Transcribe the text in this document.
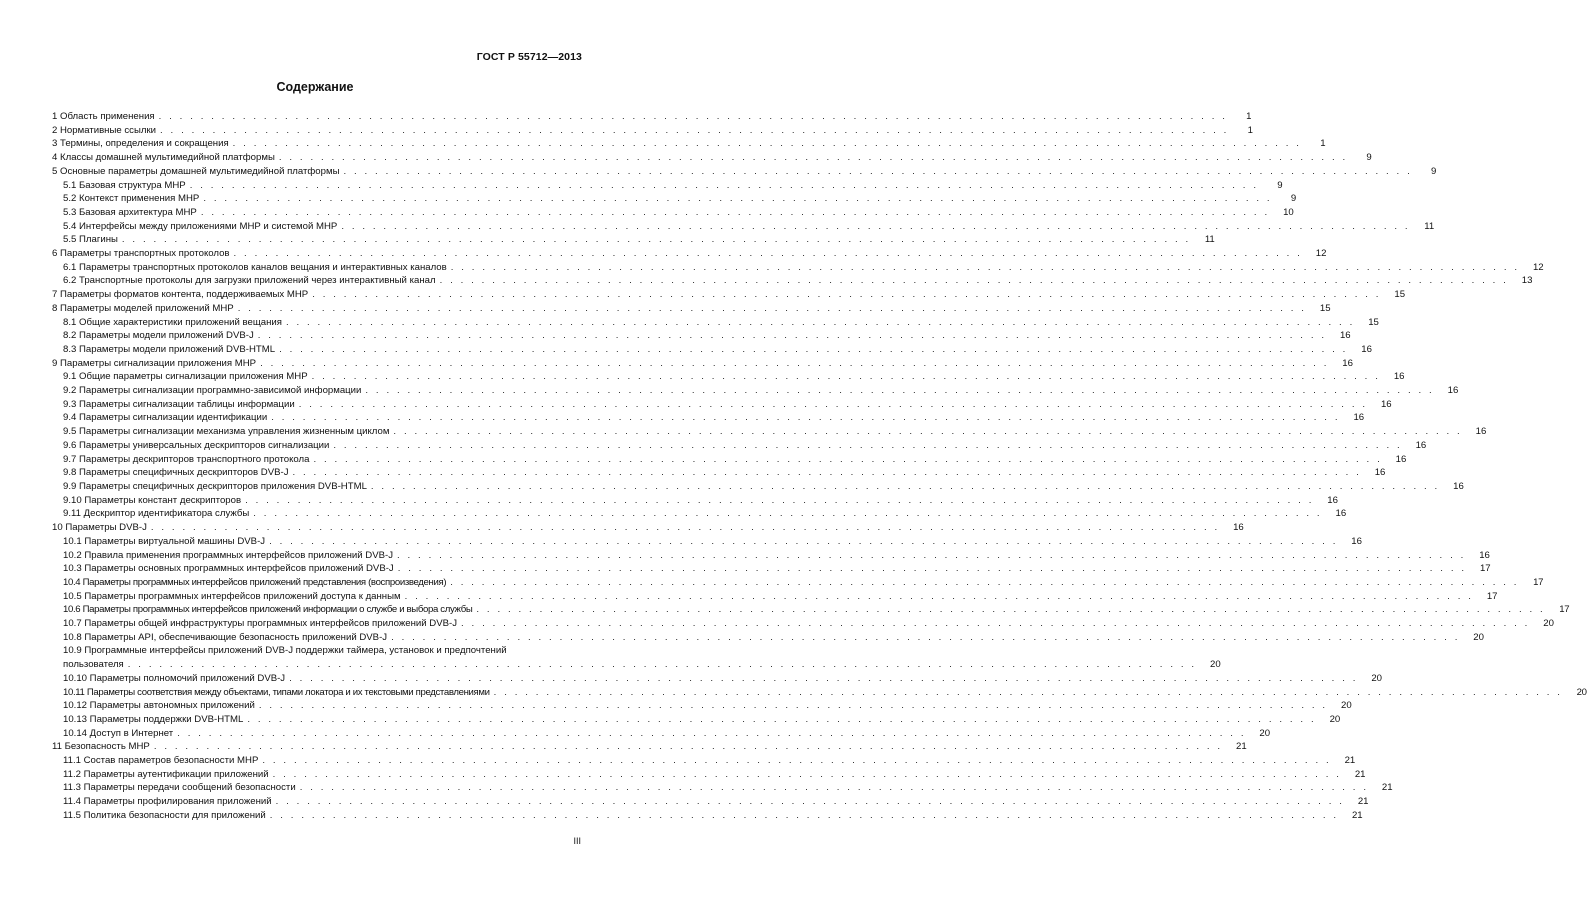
ГОСТ Р 55712—2013
Содержание
1 Область применения . . . . . . . . . . . . . . . . . . . . . . . . . . . . . . . . . . . . . . . . . . . . . . . . . . . . . . . . . . . . . . . . . . . . . . . . . . . . . . . . . . . . . . . . . . . . . . . . . . . . . .	1
2 Нормативные ссылки . . . . . . . . . . . . . . . . . . . . . . . . . . . . . . . . . . . . . . . . . . . . . . . . . . . . . . . . . . . . . . . . . . . . . . . . . . . . . . . . . . . . . . . . . . . . . . . . . . . . . .	1
3 Термины, определения и сокращения . . . . . . . . . . . . . . . . . . . . . . . . . . . . . . . . . . . . . . . . . . . . . . . . . . . . . . . . . . . . . . . . . . . . . . . . . . . . . . . . . . . . . . . . . . . . . . . . . . . . . .	1
4 Классы домашней мультимедийной платформы . . . . . . . . . . . . . . . . . . . . . . . . . . . . . . . . . . . . . . . . . . . . . . . . . . . . . . . . . . . . . . . . . . . . . . . . . . . . . . . . . . . . . . . . . . . . . . . . . . . . . .	9
5 Основные параметры домашней мультимедийной платформы . . . . . . . . . . . . . . . . . . . . . . . . . . . . . . . . . . . . . . . . . . . . . . . . . . . . . . . . . . . . . . . . . . . . . . . . . . . . . . . . . . . . . . . . . . . . . . . . . . . . . .	9
5.1 Базовая структура МНР . . . . . . . . . . . . . . . . . . . . . . . . . . . . . . . . . . . . . . . . . . . . . . . . . . . . . . . . . . . . . . . . . . . . . . . . . . . . . . . . . . . . . . . . . . . . . . . . . . . . . .	9
5.2 Контекст применения МНР . . . . . . . . . . . . . . . . . . . . . . . . . . . . . . . . . . . . . . . . . . . . . . . . . . . . . . . . . . . . . . . . . . . . . . . . . . . . . . . . . . . . . . . . . . . . . . . . . . . . . .	9
5.3 Базовая архитектура МНР . . . . . . . . . . . . . . . . . . . . . . . . . . . . . . . . . . . . . . . . . . . . . . . . . . . . . . . . . . . . . . . . . . . . . . . . . . . . . . . . . . . . . . . . . . . . . . . . . . . . . .	10
5.4 Интерфейсы между приложениями МНР и системой МНР . . . . . . . . . . . . . . . . . . . . . . . . . . . . . . . . . . . . . . . . . . . . . . . . . . . . . . . . . . . . . . . . . . . . . . . . . . . . . . . . . . . . . . . . . . . . . . . . . . . . . .	11
5.5 Плагины . . . . . . . . . . . . . . . . . . . . . . . . . . . . . . . . . . . . . . . . . . . . . . . . . . . . . . . . . . . . . . . . . . . . . . . . . . . . . . . . . . . . . . . . . . . . . . . . . . . . . .	11
6 Параметры транспортных протоколов . . . . . . . . . . . . . . . . . . . . . . . . . . . . . . . . . . . . . . . . . . . . . . . . . . . . . . . . . . . . . . . . . . . . . . . . . . . . . . . . . . . . . . . . . . . . . . . . . . . . . .	12
6.1 Параметры транспортных протоколов каналов вещания и интерактивных каналов . . . . . . . . . . . . . . . . . . . . . . . . . . . . . . . . . . . . . . . . . . . . . . . . . . . . . . . . . . . . . . . . . . . . . . . . . . . . . . . . . . . . . . . . . . . . . . . . . . . . . .	12
6.2 Транспортные протоколы для загрузки приложений через интерактивный канал . . . . . . . . . . . . . . . . . . . . . . . . . . . . . . . . . . . . . . . . . . . . . . . . . . . . . . . . . . . . . . . . . . . . . . . . . . . . . . . . . . . . . . . . . . . . . . . . . . . . . .	13
7 Параметры форматов контента, поддерживаемых МНР . . . . . . . . . . . . . . . . . . . . . . . . . . . . . . . . . . . . . . . . . . . . . . . . . . . . . . . . . . . . . . . . . . . . . . . . . . . . . . . . . . . . . . . . . . . . . . . . . . . . . .	15
8 Параметры моделей приложений МНР . . . . . . . . . . . . . . . . . . . . . . . . . . . . . . . . . . . . . . . . . . . . . . . . . . . . . . . . . . . . . . . . . . . . . . . . . . . . . . . . . . . . . . . . . . . . . . . . . . . . . .	15
8.1 Общие характеристики приложений вещания . . . . . . . . . . . . . . . . . . . . . . . . . . . . . . . . . . . . . . . . . . . . . . . . . . . . . . . . . . . . . . . . . . . . . . . . . . . . . . . . . . . . . . . . . . . . . . . . . . . . . .	15
8.2 Параметры модели приложений DVB-J . . . . . . . . . . . . . . . . . . . . . . . . . . . . . . . . . . . . . . . . . . . . . . . . . . . . . . . . . . . . . . . . . . . . . . . . . . . . . . . . . . . . . . . . . . . . . . . . . . . . . .	16
8.3 Параметры модели приложений DVB-HTML . . . . . . . . . . . . . . . . . . . . . . . . . . . . . . . . . . . . . . . . . . . . . . . . . . . . . . . . . . . . . . . . . . . . . . . . . . . . . . . . . . . . . . . . . . . . . . . . . . . . . .	16
9 Параметры сигнализации приложения МНР . . . . . . . . . . . . . . . . . . . . . . . . . . . . . . . . . . . . . . . . . . . . . . . . . . . . . . . . . . . . . . . . . . . . . . . . . . . . . . . . . . . . . . . . . . . . . . . . . . . . . .	16
9.1 Общие параметры сигнализации приложения МНР . . . . . . . . . . . . . . . . . . . . . . . . . . . . . . . . . . . . . . . . . . . . . . . . . . . . . . . . . . . . . . . . . . . . . . . . . . . . . . . . . . . . . . . . . . . . . . . . . . . . . .	16
9.2 Параметры сигнализации программно-зависимой информации . . . . . . . . . . . . . . . . . . . . . . . . . . . . . . . . . . . . . . . . . . . . . . . . . . . . . . . . . . . . . . . . . . . . . . . . . . . . . . . . . . . . . . . . . . . . . . . . . . . . . .	16
9.3 Параметры сигнализации таблицы информации . . . . . . . . . . . . . . . . . . . . . . . . . . . . . . . . . . . . . . . . . . . . . . . . . . . . . . . . . . . . . . . . . . . . . . . . . . . . . . . . . . . . . . . . . . . . . . . . . . . . . .	16
9.4 Параметры сигнализации идентификации . . . . . . . . . . . . . . . . . . . . . . . . . . . . . . . . . . . . . . . . . . . . . . . . . . . . . . . . . . . . . . . . . . . . . . . . . . . . . . . . . . . . . . . . . . . . . . . . . . . . . .	16
9.5 Параметры сигнализации механизма управления жизненным циклом . . . . . . . . . . . . . . . . . . . . . . . . . . . . . . . . . . . . . . . . . . . . . . . . . . . . . . . . . . . . . . . . . . . . . . . . . . . . . . . . . . . . . . . . . . . . . . . . . . . . . .	16
9.6 Параметры универсальных дескрипторов сигнализации . . . . . . . . . . . . . . . . . . . . . . . . . . . . . . . . . . . . . . . . . . . . . . . . . . . . . . . . . . . . . . . . . . . . . . . . . . . . . . . . . . . . . . . . . . . . . . . . . . . . . .	16
9.7 Параметры дескрипторов транспортного протокола . . . . . . . . . . . . . . . . . . . . . . . . . . . . . . . . . . . . . . . . . . . . . . . . . . . . . . . . . . . . . . . . . . . . . . . . . . . . . . . . . . . . . . . . . . . . . . . . . . . . . .	16
9.8 Параметры специфичных дескрипторов DVB-J . . . . . . . . . . . . . . . . . . . . . . . . . . . . . . . . . . . . . . . . . . . . . . . . . . . . . . . . . . . . . . . . . . . . . . . . . . . . . . . . . . . . . . . . . . . . . . . . . . . . . .	16
9.9 Параметры специфичных дескрипторов приложения DVB-HTML . . . . . . . . . . . . . . . . . . . . . . . . . . . . . . . . . . . . . . . . . . . . . . . . . . . . . . . . . . . . . . . . . . . . . . . . . . . . . . . . . . . . . . . . . . . . . . . . . . . . . .	16
9.10 Параметры констант дескрипторов . . . . . . . . . . . . . . . . . . . . . . . . . . . . . . . . . . . . . . . . . . . . . . . . . . . . . . . . . . . . . . . . . . . . . . . . . . . . . . . . . . . . . . . . . . . . . . . . . . . . . .	16
9.11 Дескриптор идентификатора службы . . . . . . . . . . . . . . . . . . . . . . . . . . . . . . . . . . . . . . . . . . . . . . . . . . . . . . . . . . . . . . . . . . . . . . . . . . . . . . . . . . . . . . . . . . . . . . . . . . . . . .	16
10 Параметры DVB-J . . . . . . . . . . . . . . . . . . . . . . . . . . . . . . . . . . . . . . . . . . . . . . . . . . . . . . . . . . . . . . . . . . . . . . . . . . . . . . . . . . . . . . . . . . . . . . . . . . . . . .	16
10.1 Параметры виртуальной машины DVB-J . . . . . . . . . . . . . . . . . . . . . . . . . . . . . . . . . . . . . . . . . . . . . . . . . . . . . . . . . . . . . . . . . . . . . . . . . . . . . . . . . . . . . . . . . . . . . . . . . . . . . .	16
10.2 Правила применения программных интерфейсов приложений DVB-J . . . . . . . . . . . . . . . . . . . . . . . . . . . . . . . . . . . . . . . . . . . . . . . . . . . . . . . . . . . . . . . . . . . . . . . . . . . . . . . . . . . . . . . . . . . . . . . . . . . . . .	16
10.3 Параметры основных программных интерфейсов приложений DVB-J . . . . . . . . . . . . . . . . . . . . . . . . . . . . . . . . . . . . . . . . . . . . . . . . . . . . . . . . . . . . . . . . . . . . . . . . . . . . . . . . . . . . . . . . . . . . . . . . . . . . . .	17
10.4 Параметры программных интерфейсов приложений представления (воспроизведения) . . . . . . . . . . . . . . . . . . . . . . . . . . . . . . . . . . . . . . . . . . . . . . . . . . . . . . . . . . . . . . . . . . . . . . . . . . . . . . . . . . . . . . . . . . . . . . . . . . . . . .	17
10.5 Параметры программных интерфейсов приложений доступа к данным . . . . . . . . . . . . . . . . . . . . . . . . . . . . . . . . . . . . . . . . . . . . . . . . . . . . . . . . . . . . . . . . . . . . . . . . . . . . . . . . . . . . . . . . . . . . . . . . . . . . . .	17
10.6 Параметры программных интерфейсов приложений информации о службе и выбора службы . . . . . . . . . . . . . . . . . . . . . . . . . . . . . . . . . . . . . . . . . . . . . . . . . . . . . . . . . . . . . . . . . . . . . . . . . . . . . . . . . . . . . . . . . . . . . . . . . . . . . .	17
10.7 Параметры общей инфраструктуры программных интерфейсов приложений DVB-J . . . . . . . . . . . . . . . . . . . . . . . . . . . . . . . . . . . . . . . . . . . . . . . . . . . . . . . . . . . . . . . . . . . . . . . . . . . . . . . . . . . . . . . . . . . . . . . . . . . . . .	20
10.8 Параметры API, обеспечивающие безопасность приложений DVB-J . . . . . . . . . . . . . . . . . . . . . . . . . . . . . . . . . . . . . . . . . . . . . . . . . . . . . . . . . . . . . . . . . . . . . . . . . . . . . . . . . . . . . . . . . . . . . . . . . . . . . .	20
10.9 Программные интерфейсы приложений DVB-J поддержки таймера, установок и предпочтений
пользователя . . . . . . . . . . . . . . . . . . . . . . . . . . . . . . . . . . . . . . . . . . . . . . . . . . . . . . . . . . . . . . . . . . . . . . . . . . . . . . . . . . . . . . . . . . . . . . . . . . . . . .	20
10.10 Параметры полномочий приложений DVB-J . . . . . . . . . . . . . . . . . . . . . . . . . . . . . . . . . . . . . . . . . . . . . . . . . . . . . . . . . . . . . . . . . . . . . . . . . . . . . . . . . . . . . . . . . . . . . . . . . . . . . .	20
10.11 Параметры соответствия между объектами, типами локатора и их текстовыми представлениями . . . . . . . . . . . . . . . . . . . . . . . . . . . . . . . . . . . . . . . . . . . . . . . . . . . . . . . . . . . . . . . . . . . . . . . . . . . . . . . . . . . . . . . . . . . . . . . . . . . . . .	20
10.12 Параметры автономных приложений . . . . . . . . . . . . . . . . . . . . . . . . . . . . . . . . . . . . . . . . . . . . . . . . . . . . . . . . . . . . . . . . . . . . . . . . . . . . . . . . . . . . . . . . . . . . . . . . . . . . . .	20
10.13 Параметры поддержки DVB-HTML . . . . . . . . . . . . . . . . . . . . . . . . . . . . . . . . . . . . . . . . . . . . . . . . . . . . . . . . . . . . . . . . . . . . . . . . . . . . . . . . . . . . . . . . . . . . . . . . . . . . . .	20
10.14 Доступ в Интернет . . . . . . . . . . . . . . . . . . . . . . . . . . . . . . . . . . . . . . . . . . . . . . . . . . . . . . . . . . . . . . . . . . . . . . . . . . . . . . . . . . . . . . . . . . . . . . . . . . . . . .	20
11 Безопасность МНР . . . . . . . . . . . . . . . . . . . . . . . . . . . . . . . . . . . . . . . . . . . . . . . . . . . . . . . . . . . . . . . . . . . . . . . . . . . . . . . . . . . . . . . . . . . . . . . . . . . . . .	21
11.1 Состав параметров безопасности МНР . . . . . . . . . . . . . . . . . . . . . . . . . . . . . . . . . . . . . . . . . . . . . . . . . . . . . . . . . . . . . . . . . . . . . . . . . . . . . . . . . . . . . . . . . . . . . . . . . . . . . .	21
11.2 Параметры аутентификации приложений . . . . . . . . . . . . . . . . . . . . . . . . . . . . . . . . . . . . . . . . . . . . . . . . . . . . . . . . . . . . . . . . . . . . . . . . . . . . . . . . . . . . . . . . . . . . . . . . . . . . . .	21
11.3 Параметры передачи сообщений безопасности . . . . . . . . . . . . . . . . . . . . . . . . . . . . . . . . . . . . . . . . . . . . . . . . . . . . . . . . . . . . . . . . . . . . . . . . . . . . . . . . . . . . . . . . . . . . . . . . . . . . . .	21
11.4 Параметры профилирования приложений . . . . . . . . . . . . . . . . . . . . . . . . . . . . . . . . . . . . . . . . . . . . . . . . . . . . . . . . . . . . . . . . . . . . . . . . . . . . . . . . . . . . . . . . . . . . . . . . . . . . . .	21
11.5 Политика безопасности для приложений . . . . . . . . . . . . . . . . . . . . . . . . . . . . . . . . . . . . . . . . . . . . . . . . . . . . . . . . . . . . . . . . . . . . . . . . . . . . . . . . . . . . . . . . . . . . . . . . . . . . . .	21
III
